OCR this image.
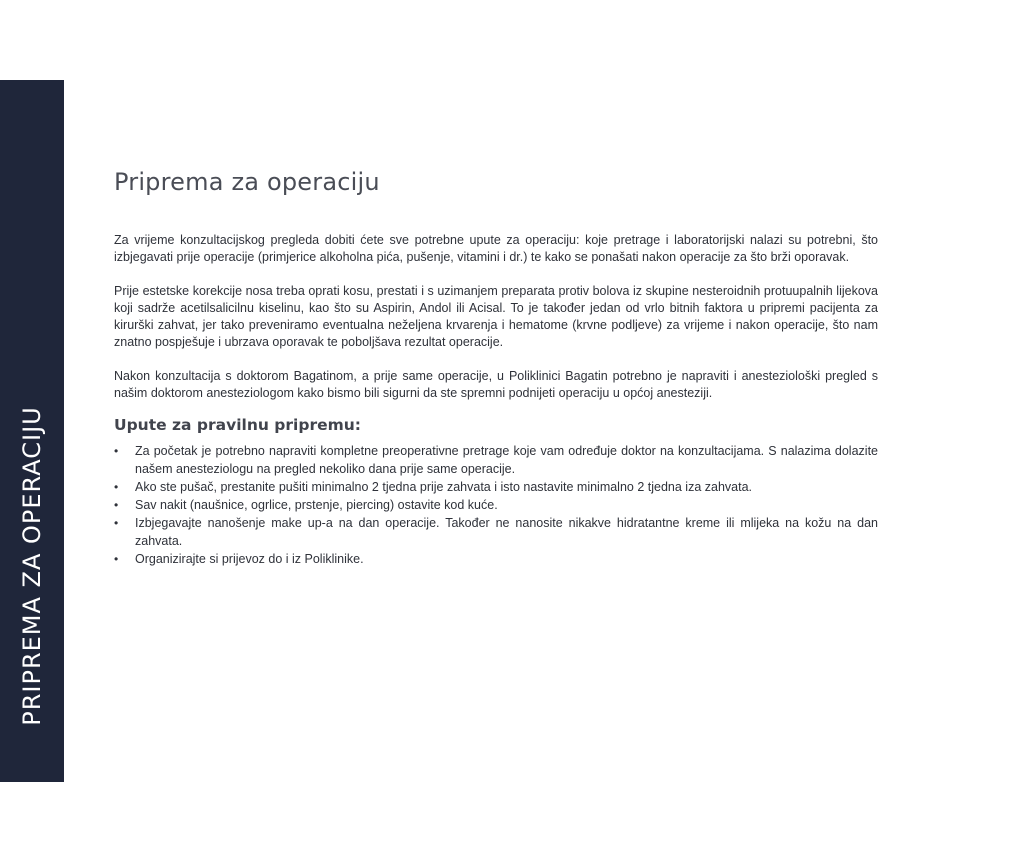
PRIPREMA ZA OPERACIJU
Priprema za operaciju

Za vrijeme konzultacijskog pregleda dobiti ćete sve potrebne upute za operaciju: koje pretrage i laboratorijski nalazi su potrebni, što izbjegavati prije operacije (primjerice alkoholna pića, pušenje, vitamini i dr.) te kako se ponašati nakon operacije za što brži oporavak.

Prije estetske korekcije nosa treba oprati kosu, prestati i s uzimanjem preparata protiv bolova iz skupine nesteroidnih protuupalnih lijekova koji sadrže acetilsalicilnu kiselinu, kao što su Aspirin, Andol ili Acisal. To je također jedan od vrlo bitnih faktora u pripremi pacijenta za kirurški zahvat, jer tako preveniramo eventualna neželjena krvarenja i hematome (krvne podljeve) za vrijeme i nakon operacije, što nam znatno pospješuje i ubrzava oporavak te poboljšava rezultat operacije.

Nakon konzultacija s doktorom Bagatinom, a prije same operacije, u Poliklinici Bagatin potrebno je napraviti i anesteziološki pregled s našim doktorom anesteziologom kako bismo bili sigurni da ste spremni podnijeti operaciju u općoj anesteziji.

Upute za pravilnu pripremu:
• Za početak je potrebno napraviti kompletne preoperativne pretrage koje vam određuje doktor na konzultacijama. S nalazima dolazite našem anesteziologu na pregled nekoliko dana prije same operacije.
• Ako ste pušač, prestanite pušiti minimalno 2 tjedna prije zahvata i isto nastavite minimalno 2 tjedna iza zahvata.
• Sav nakit (naušnice, ogrlice, prstenje, piercing) ostavite kod kuće.
• Izbjegavajte nanošenje make up-a na dan operacije. Također ne nanosite nikakve hidratantne kreme ili mlijeka na kožu na dan zahvata.
• Organizirajte si prijevoz do i iz Poliklinike.
